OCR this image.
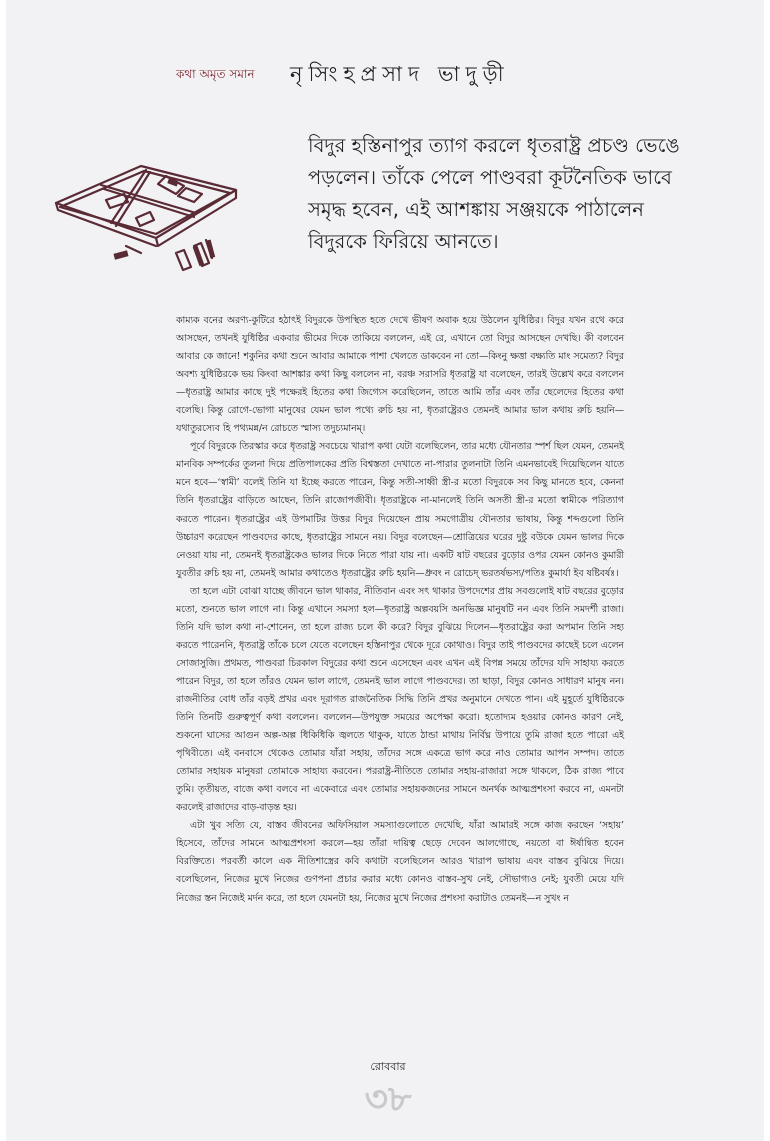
কথা অমৃত সমান নৃসিংহপ্রসাদ ভাদুড়ী
বিদুর হস্তিনাপুর ত্যাগ করলে ধৃতরাষ্ট্র প্রচণ্ড ভেঙে পড়লেন। তাঁকে পেলে পাণ্ডবরা কূটনৈতিক ভাবে সমৃদ্ধ হবেন, এই আশঙ্কায় সঞ্জয়কে পাঠালেন বিদুরকে ফিরিয়ে আনতে।

কাম্যক বনের অরণ্য-কুটিরে হঠাৎই বিদুরকে উপস্থিত হতে দেখে ভীষণ অবাক হয়ে উঠলেন যুধিষ্ঠির। বিদুর যখন রথে করে আসছেন, তখনই যুধিষ্ঠির একবার ভীমের দিকে তাকিয়ে বললেন, এই রে, এখানে তো বিদুর আসছেন দেখছি। কী বলবেন আবার কে জানে! শকুনির কথা শুনে আবার আমাকে পাশা খেলতে ডাকবেন না তো—কিংনু ক্ষত্তা বক্ষ্যতি মাং সমেত্য? বিদুর অবশ্য যুধিষ্ঠিরকে ভয় কিংবা আশঙ্কার কথা কিছু বললেন না, বরঞ্চ সরাসরি ধৃতরাষ্ট্র যা বলেছেন, তারই উল্লেখ করে বললেন—ধৃতরাষ্ট্র আমার কাছে দুই পক্ষেরই হিতের কথা জিগ্যেস করেছিলেন, তাতে আমি তাঁর এবং তাঁর ছেলেদের হিতের কথা বলেছি। কিন্তু রোগে-ভোগা মানুষের যেমন ভাল পথ্যে রুচি হয় না, ধৃতরাষ্ট্রেরও তেমনই আমার ভাল কথায় রুচি হয়নি—যথাতুরস্যেব হি পথ্যমন্ন/ন রোচতে স্মাস্য তদুচ্যমানম্।

পূর্বে বিদুরকে তিরস্কার করে ধৃতরাষ্ট্র সবচেয়ে খারাপ কথা যেটা বলেছিলেন, তার মধ্যে যৌনতার স্পর্শ ছিল যেমন, তেমনই মানবিক সম্পর্কের তুলনা দিয়ে প্রতিপালকের প্রতি বিশ্বস্ততা দেখাতে না-পারার তুলনাটা তিনি এমনভাবেই দিয়েছিলেন যাতে মনে হবে—‘স্বামী’ বলেই তিনি যা ইচ্ছে করতে পারেন, কিন্তু সতী-সাধ্বী স্ত্রী-র মতো বিদুরকে সব কিছু মানতে হবে, কেননা তিনি ধৃতরাষ্ট্রের বাড়িতে আছেন, তিনি রাজোপজীবী। ধৃতরাষ্ট্রকে না-মানলেই তিনি অসতী স্ত্রী-র মতো স্বামীকে পরিত্যাগ করতে পারেন। ধৃতরাষ্ট্রের এই উপমাটির উত্তর বিদুর দিয়েছেন প্রায় সমগোত্রীয় যৌনতার ভাষায়, কিন্তু শব্দগুলো তিনি উচ্চারণ করেছেন পাণ্ডবদের কাছে, ধৃতরাষ্ট্রের সামনে নয়। বিদুর বলেছেন—শ্রোত্রিয়ের ঘরের দুষ্টু বউকে যেমন ভালর দিকে নেওয়া যায় না, তেমনই ধৃতরাষ্ট্রকেও ভালর দিকে নিতে পারা যায় না। একটি ষাট বছরের বুড়োর ওপর যেমন কোনও কুমারী যুবতীর রুচি হয় না, তেমনই আমার কথাতেও ধৃতরাষ্ট্রের রুচি হয়নি—ধ্রুবং ন রোচেদ্ ভরতর্ষভস্য/পতিঃ কুমার্যা ইব ষষ্টিবর্ষঃ।

তা হলে এটা বোঝা যাচ্ছে জীবনে ভাল থাকার, নীতিবান এবং সৎ থাকার উপদেশের প্রায় সবগুলোই ষাট বছরের বুড়োর মতো, শুনতে ভাল লাগে না। কিন্তু এখানে সমস্যা হল—ধৃতরাষ্ট্র অল্পবয়সি অনভিজ্ঞ মানুষটি নন এবং তিনি সমদর্শী রাজা। তিনি যদি ভাল কথা না-শোনেন, তা হলে রাজ্য চলে কী করে? বিদুর বুঝিয়ে দিলেন—ধৃতরাষ্ট্রের করা অপমান তিনি সহ্য করতে পারেননি, ধৃতরাষ্ট্র তাঁকে চলে যেতে বলেছেন হস্তিনাপুর থেকে দূরে কোথাও। বিদুর তাই পাণ্ডবদের কাছেই চলে এলেন সোজাসুজি। প্রথমত, পাণ্ডবরা চিরকাল বিদুরের কথা শুনে এসেছেন এবং এখন এই বিপন্ন সময়ে তাঁদের যদি সাহায্য করতে পারেন বিদুর, তা হলে তাঁরও যেমন ভাল লাগে, তেমনই ভাল লাগে পাণ্ডবদের। তা ছাড়া, বিদুর কোনও সাধারণ মানুষ নন। রাজনীতির বোধ তাঁর বড়ই প্রখর এবং দূরাগত রাজনৈতিক সিদ্ধি তিনি প্রখর অনুমানে দেখতে পান। এই মুহূর্তে যুধিষ্ঠিরকে তিনি তিনটি গুরুত্বপূর্ণ কথা বললেন। বললেন—উপযুক্ত সময়ের অপেক্ষা করো। হতোদ্যম হওয়ার কোনও কারণ নেই, শুকনো ঘাসের আগুন অল্প-অল্প ধিকিধিকি জ্বলতে থাকুক, যাতে ঠান্ডা মাথায় নির্বিঘ্ন উপায়ে তুমি রাজা হতে পারো এই পৃথিবীতে। এই বনবাসে থেকেও তোমার যাঁরা সহায়, তাঁদের সঙ্গে একত্রে ভাগ করে নাও তোমার আপন সম্পদ। তাতে তোমার সহায়ক মানুষরা তোমাকে সাহায্য করবেন। পররাষ্ট্র-নীতিতে তোমার সহায়-রাজারা সঙ্গে থাকলে, ঠিক রাজ্য পাবে তুমি। তৃতীয়ত, বাজে কথা বলবে না একেবারে এবং তোমার সহায়কজনের সামনে অনর্থক আত্মপ্রশংসা করবে না, এমনটা করলেই রাজাদের বাড়-বাড়ন্ত হয়।

এটা খুব সত্যি যে, বাস্তব জীবনের অফিসিয়াল সমস্যাগুলোতে দেখেছি, যাঁরা আমারই সঙ্গে কাজ করছেন ‘সহায়’ হিসেবে, তাঁদের সামনে আত্মপ্রশংসা করলে—হয় তাঁরা দায়িত্ব ছেড়ে দেবেন আলগোছে, নয়তো বা ঈর্ষান্বিত হবেন বিরক্তিতে। পরবর্তী কালে এক নীতিশাস্ত্রের কবি কথাটা বলেছিলেন আরও খারাপ ভাষায় এবং বাস্তব বুঝিয়ে দিয়ে। বলেছিলেন, নিজের মুখে নিজের গুণপনা প্রচার করার মধ্যে কোনও বাস্তব-সুখ নেই, সৌভাগ্যও নেই; যুবতী মেয়ে যদি নিজের স্তন নিজেই মর্দন করে, তা হলে যেমনটা হয়, নিজের মুখে নিজের প্রশংসা করাটাও তেমনই—ন সুখং ন

রোববার
৩৮
